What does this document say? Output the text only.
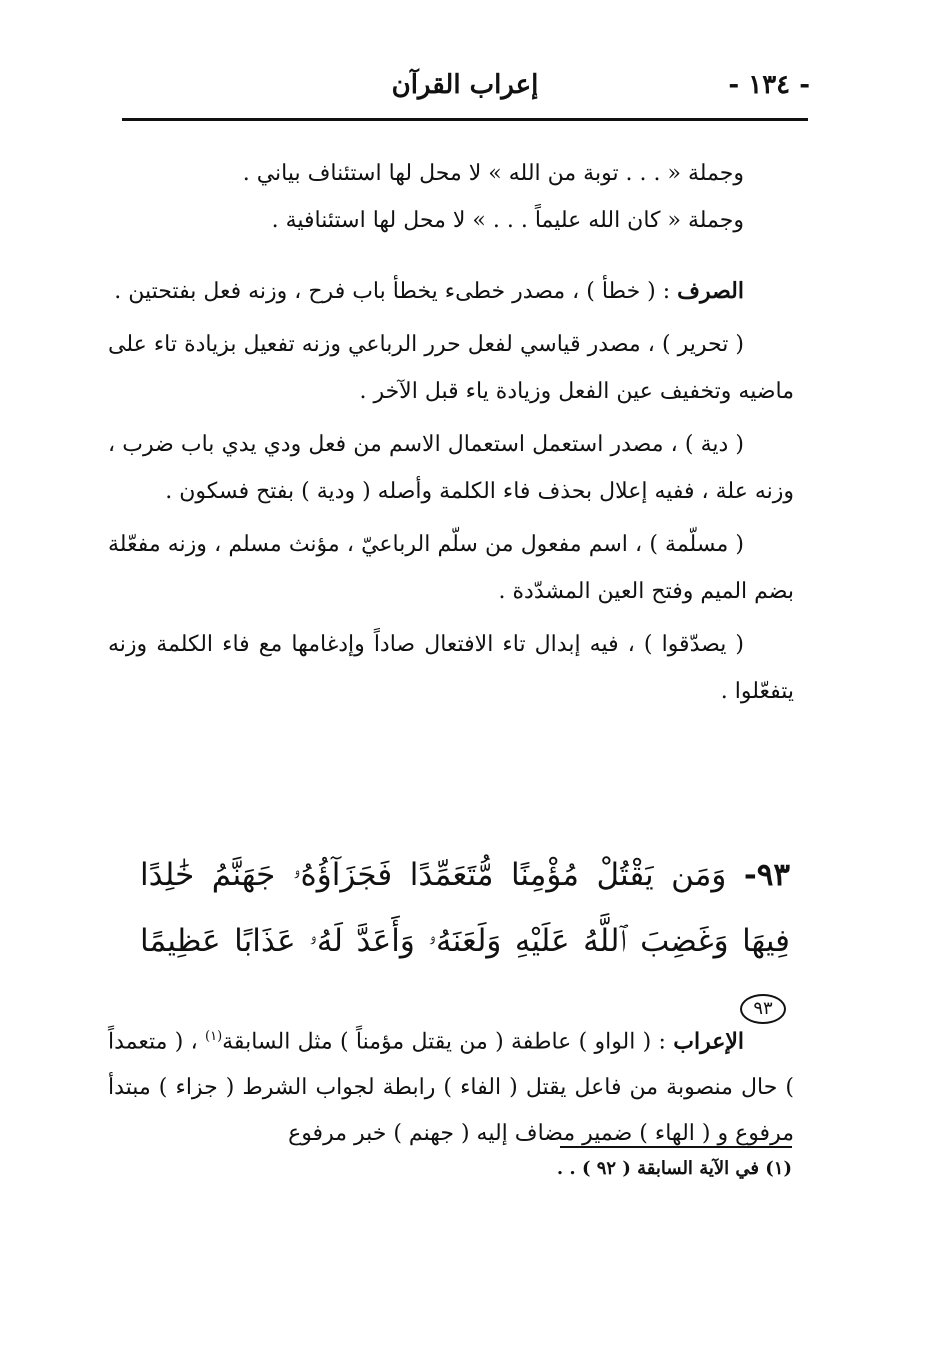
- ١٣٤ -
إعراب القرآن

وجملة « . . . توبة من الله » لا محل لها استئناف بياني .

وجملة « كان الله عليماً . . . » لا محل لها استئنافية .

الصرف : ( خطأ ) ، مصدر خطىء يخطأ باب فرح ، وزنه فعل بفتحتين .

( تحرير ) ، مصدر قياسي لفعل حرر الرباعي وزنه تفعيل بزيادة تاء على ماضيه وتخفيف عين الفعل وزيادة ياء قبل الآخر .

( دية ) ، مصدر استعمل استعمال الاسم من فعل ودي يدي باب ضرب ، وزنه علة ، ففيه إعلال بحذف فاء الكلمة وأصله ( ودية ) بفتح فسكون .

( مسلّمة ) ، اسم مفعول من سلّم الرباعيّ ، مؤنث مسلم ، وزنه مفعّلة بضم الميم وفتح العين المشدّدة .

( يصدّقوا ) ، فيه إبدال تاء الافتعال صاداً وإدغامها مع فاء الكلمة وزنه يتفعّلوا .

٩٣- وَمَن يَقْتُلْ مُؤْمِنًا مُّتَعَمِّدًا فَجَزَآؤُهُۥ جَهَنَّمُ خَٰلِدًا فِيهَا وَغَضِبَ ٱللَّهُ عَلَيْهِ وَلَعَنَهُۥ وَأَعَدَّ لَهُۥ عَذَابًا عَظِيمًا ٩٣

الإعراب : ( الواو ) عاطفة ( من يقتل مؤمناً ) مثل السابقة$^{(١)}$ ، ( متعمداً ) حال منصوبة من فاعل يقتل ( الفاء ) رابطة لجواب الشرط ( جزاء ) مبتدأ مرفوع و ( الهاء ) ضمير مضاف إليه ( جهنم ) خبر مرفوع

(١) في الآية السابقة ( ٩٢ ) . .
